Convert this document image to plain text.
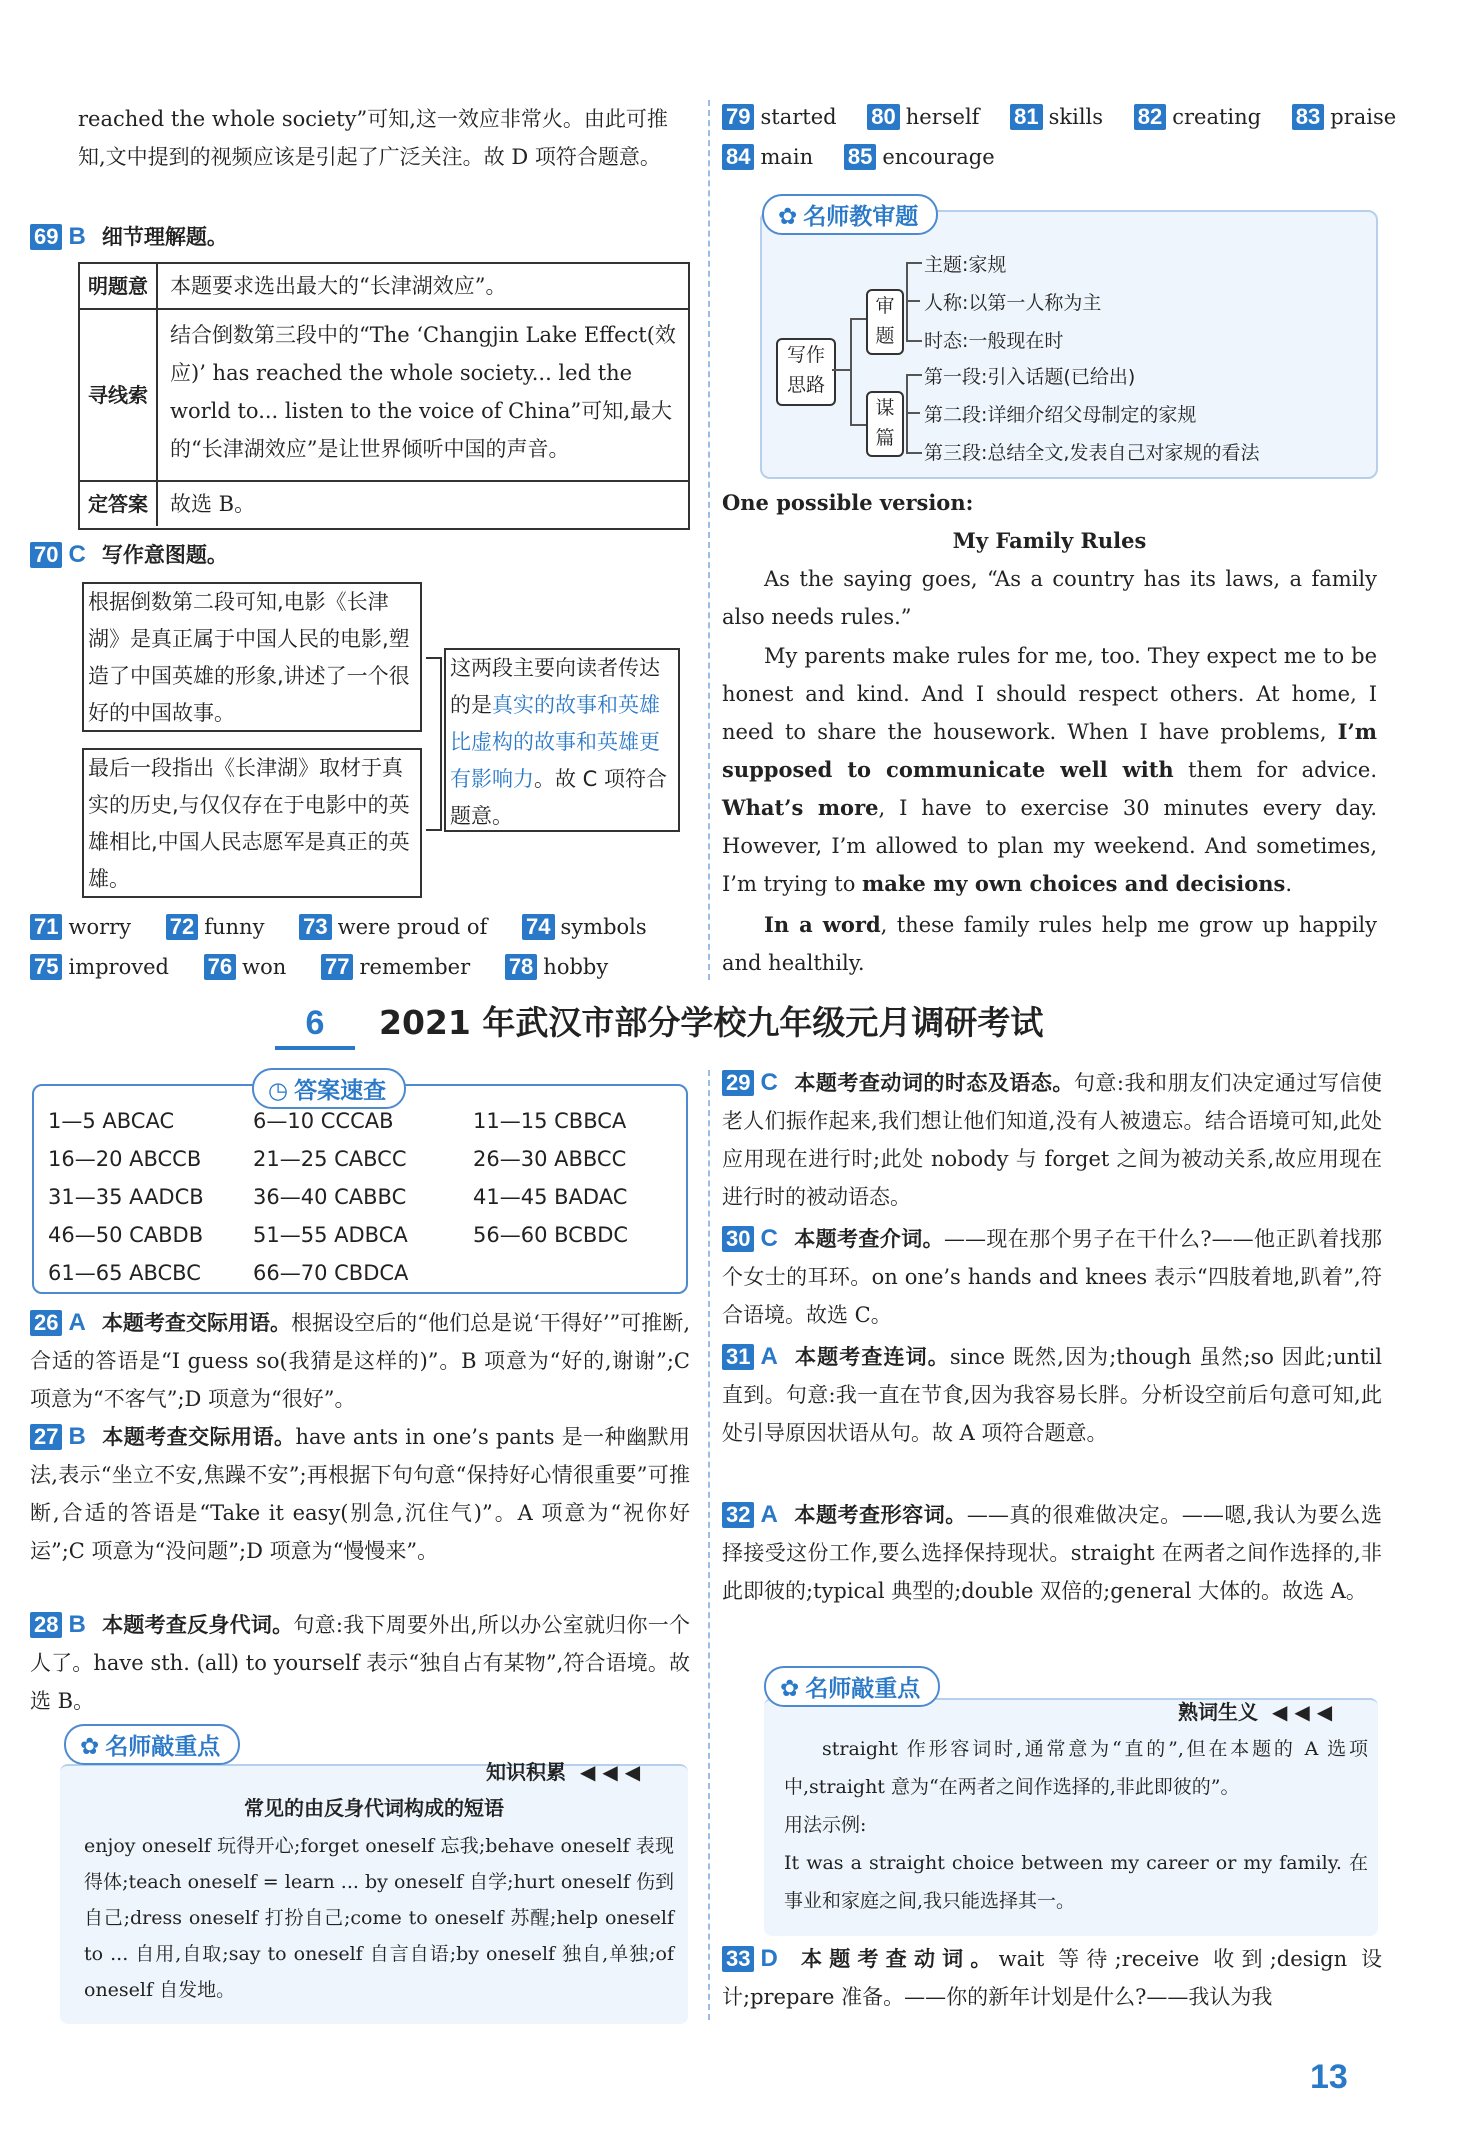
reached the whole society”可知,这一效应非常火。由此可推知,文中提到的视频应该是引起了广泛关注。故 D 项符合题意。
69 B 细节理解题。
明题意	本题要求选出最大的“长津湖效应”。
寻线索
结合倒数第三段中的“The ‘Changjin Lake Effect(效应)’ has reached the whole society... led the world to... listen to the voice of China”可知,最大的“长津湖效应”是让世界倾听中国的声音。
定答案	故选 B。
70 C 写作意图题。
根据倒数第二段可知,电影《长津湖》是真正属于中国人民的电影,塑造了中国英雄的形象,讲述了一个很好的中国故事。
最后一段指出《长津湖》取材于真实的历史,与仅仅存在于电影中的英雄相比,中国人民志愿军是真正的英雄。
这两段主要向读者传达的是真实的故事和英雄比虚构的故事和英雄更有影响力。故 C 项符合题意。
71 worry 72 funny 73 were proud of 74 symbols
75 improved 76 won 77 remember 78 hobby
79 started 80 herself 81 skills 82 creating 83 praise
84 main 85 encourage
✿ 名师教审题
写作思路
审题
谋篇
主题:家规
人称:以第一人称为主
时态:一般现在时
第一段:引入话题(已给出)
第二段:详细介绍父母制定的家规
第三段:总结全文,发表自己对家规的看法
One possible version:
My Family Rules
As the saying goes, “As a country has its laws, a family also needs rules.”
My parents make rules for me, too. They expect me to be honest and kind. And I should respect others. At home, I need to share the housework. When I have problems, I’m supposed to communicate well with them for advice. What’s more, I have to exercise 30 minutes every day. However, I’m allowed to plan my weekend. And sometimes, I’m trying to make my own choices and decisions.
In a word, these family rules help me grow up happily and healthily.
6	2021 年武汉市部分学校九年级元月调研考试
◷ 答案速查
1—5 ABCAC	6—10 CCCAB	11—15 CBBCA
16—20 ABCCB 21—25 CABCC	26—30 ABBCC
31—35 AADCB 36—40 CABBC	41—45 BADAC
46—50 CABDB 51—55 ADBCA	56—60 BCBDC
61—65 ABCBC 66—70 CBDCA
26 A 本题考查交际用语。根据设空后的“他们总是说‘干得好’”可推断,合适的答语是“I guess so(我猜是这样的)”。B 项意为“好的,谢谢”;C 项意为“不客气”;D 项意为“很好”。
27 B 本题考查交际用语。have ants in one’s pants 是一种幽默用法,表示“坐立不安,焦躁不安”;再根据下句句意“保持好心情很重要”可推断,合适的答语是“Take it easy(别急,沉住气)”。A 项意为“祝你好运”;C 项意为“没问题”;D 项意为“慢慢来”。
28 B 本题考查反身代词。句意:我下周要外出,所以办公室就归你一个人了。have sth. (all) to yourself 表示“独自占有某物”,符合语境。故选 B。
✿ 名师敲重点
知识积累 ◀ ◀ ◀
常见的由反身代词构成的短语
enjoy oneself 玩得开心;forget oneself 忘我;behave oneself 表现得体;teach oneself = learn ... by oneself 自学;hurt oneself 伤到自己;dress oneself 打扮自己;come to oneself 苏醒;help oneself to ... 自用,自取;say to oneself 自言自语;by oneself 独自,单独;of oneself 自发地。
29 C 本题考查动词的时态及语态。句意:我和朋友们决定通过写信使老人们振作起来,我们想让他们知道,没有人被遗忘。结合语境可知,此处应用现在进行时;此处 nobody 与 forget 之间为被动关系,故应用现在进行时的被动语态。
30 C 本题考查介词。——现在那个男子在干什么?——他正趴着找那个女士的耳环。on one’s hands and knees 表示“四肢着地,趴着”,符合语境。故选 C。
31 A 本题考查连词。since 既然,因为;though 虽然;so 因此;until 直到。句意:我一直在节食,因为我容易长胖。分析设空前后句意可知,此处引导原因状语从句。故 A 项符合题意。
32 A 本题考查形容词。——真的很难做决定。——嗯,我认为要么选择接受这份工作,要么选择保持现状。straight 在两者之间作选择的,非此即彼的;typical 典型的;double 双倍的;general 大体的。故选 A。
✿ 名师敲重点
熟词生义 ◀ ◀ ◀
straight 作形容词时,通常意为“直的”,但在本题的 A 选项中,straight 意为“在两者之间作选择的,非此即彼的”。
用法示例:
It was a straight choice between my career or my family. 在事业和家庭之间,我只能选择其一。
33 D 本题考查动词。wait 等待;receive 收到;design 设计;prepare 准备。——你的新年计划是什么?——我认为我
13
